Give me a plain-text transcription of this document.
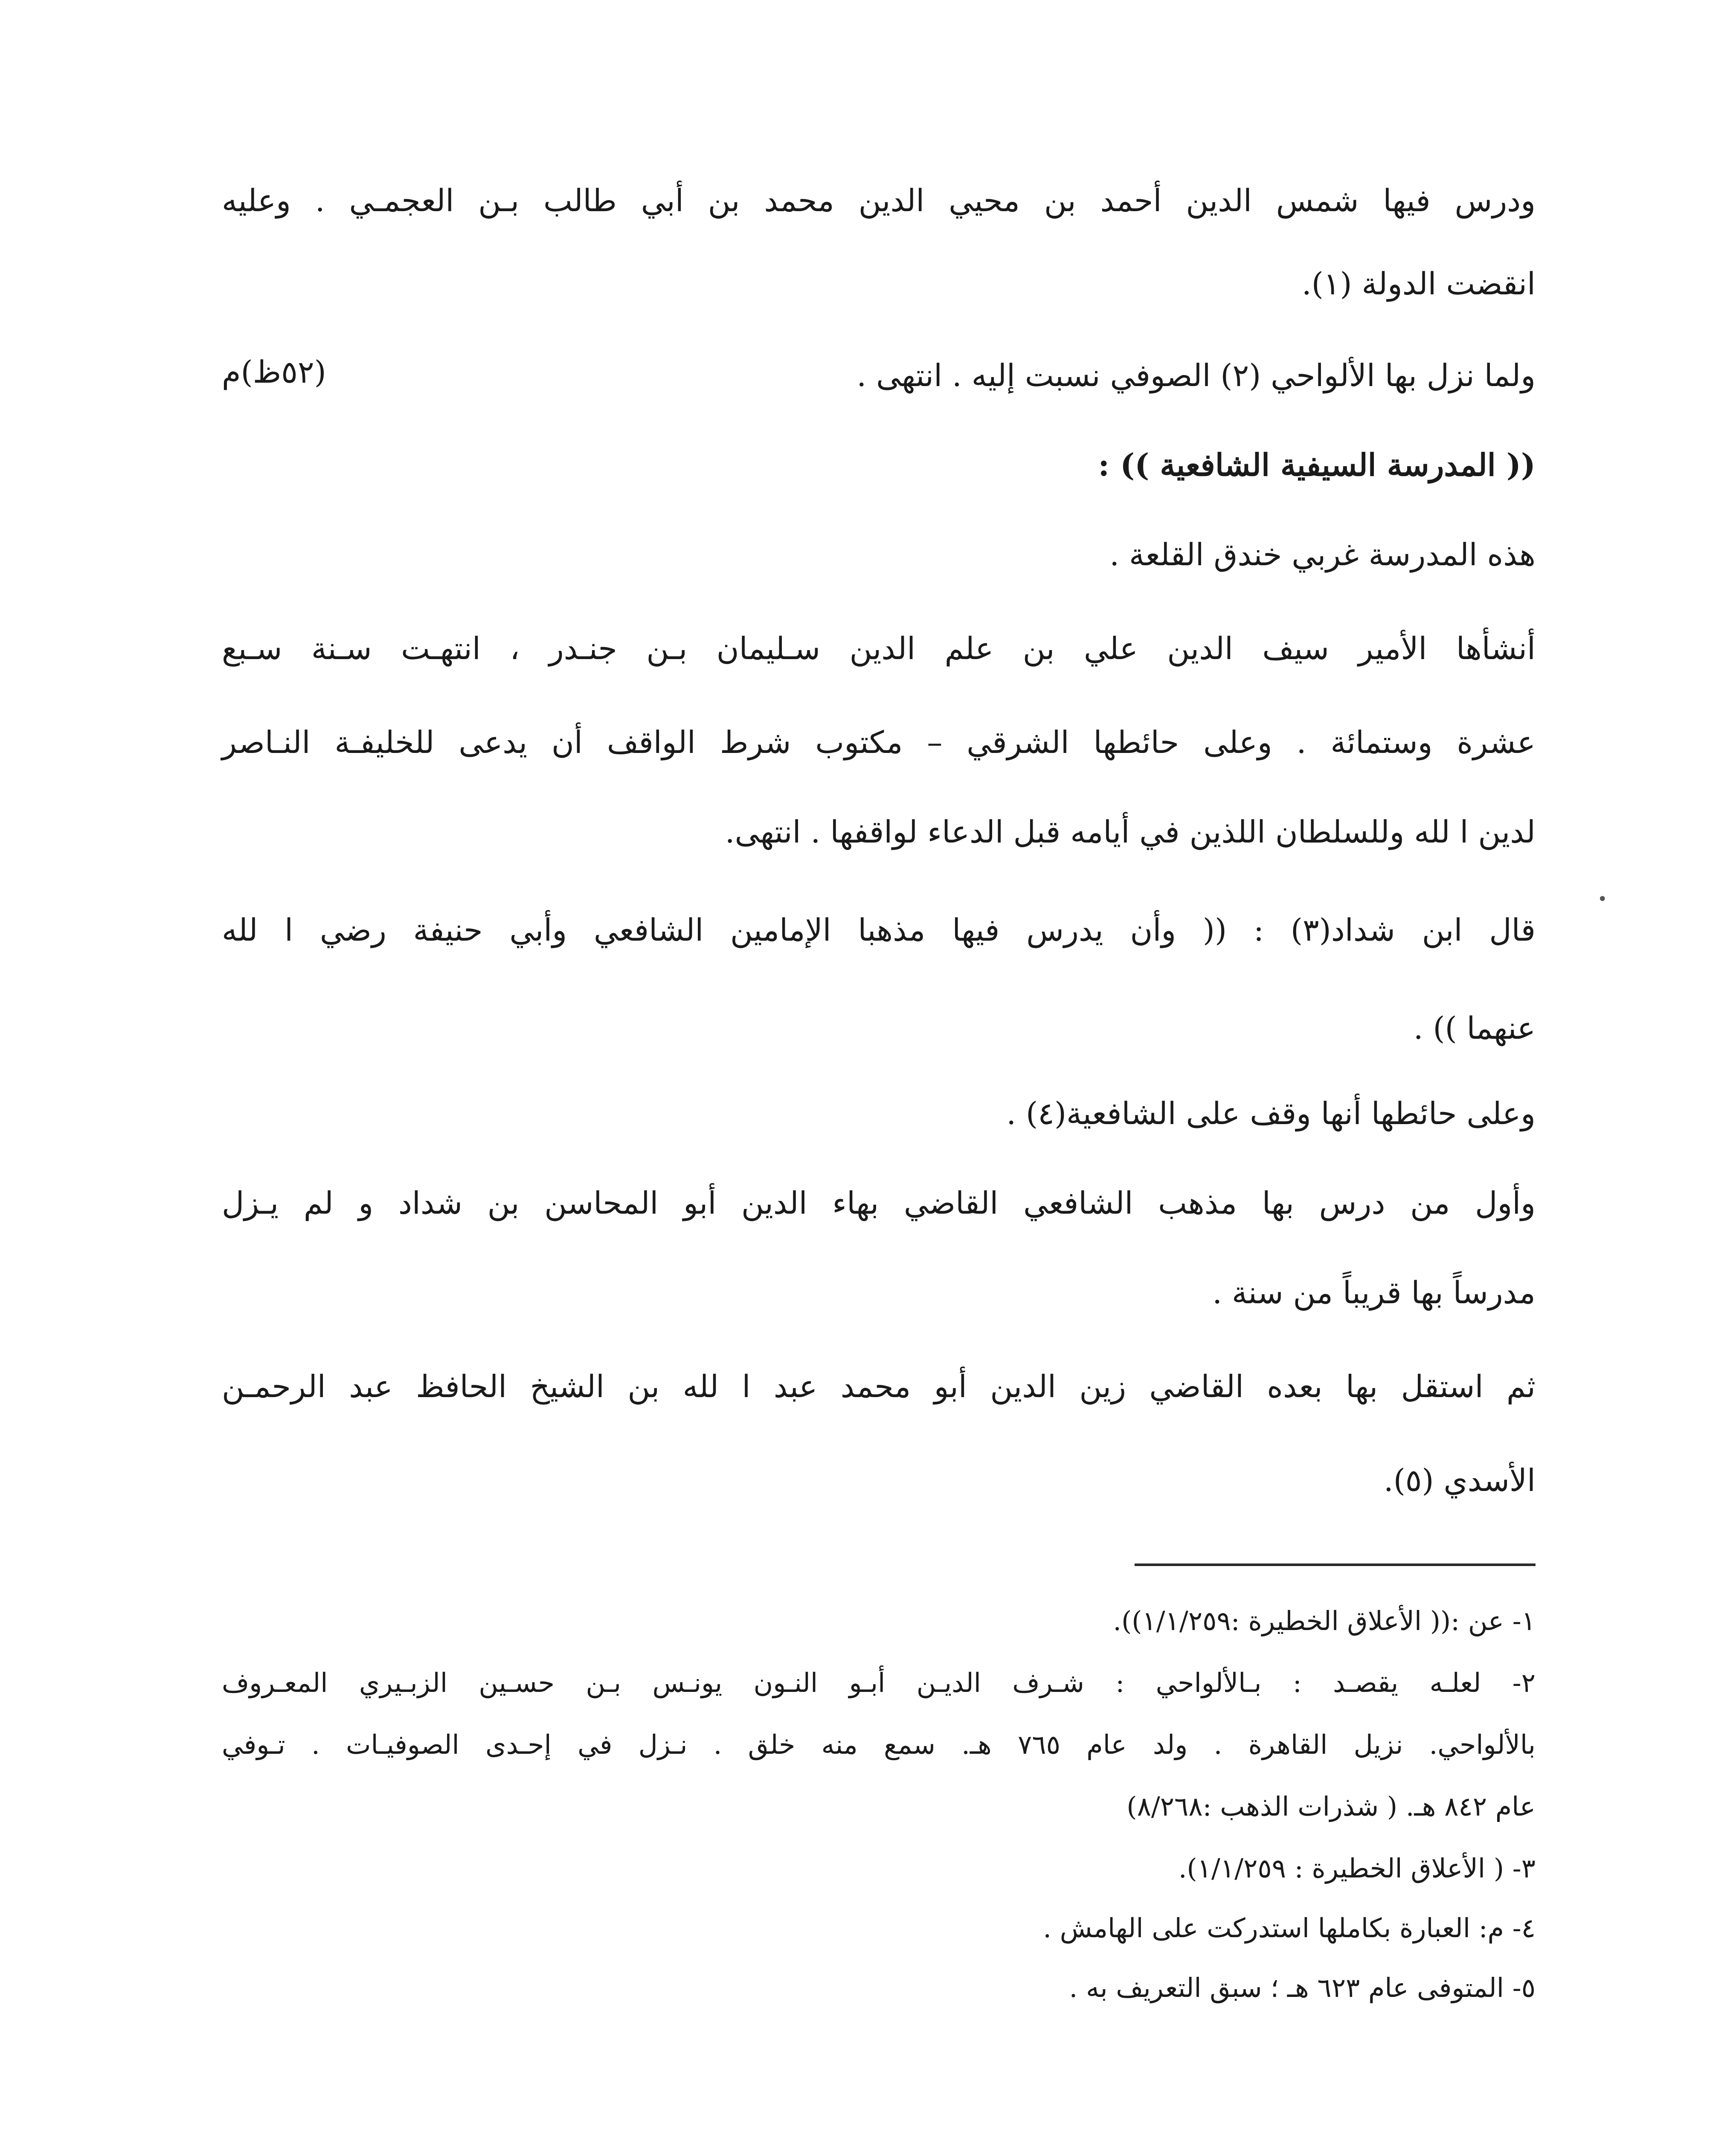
ودرس فيها شمس الدين أحمد بن محيي الدين محمد بن أبي طالب بـن العجمـي . وعليه
انقضت الدولة (١).
ولما نزل بها الألواحي (٢) الصوفي نسبت إليه . انتهى .
(( المدرسة السيفية الشافعية )) :
هذه المدرسة غربي خندق القلعة .
أنشأها الأمير سيف الدين علي بن علم الدين سـليمان بـن جنـدر ، انتهـت سـنة سـبع
عشرة وستمائة . وعلى حائطها الشرقي – مكتوب شرط الواقف أن يدعى للخليفـة النـاصر
لدين ا لله وللسلطان اللذين في أيامه قبل الدعاء لواقفها . انتهى.
قال ابن شداد(٣) : (( وأن يدرس فيها مذهبا الإمامين الشافعي وأبي حنيفة رضي ا لله
عنهما )) .
وعلى حائطها أنها وقف على الشافعية(٤) .
وأول من درس بها مذهب الشافعي القاضي بهاء الدين أبو المحاسن بن شداد و لم يـزل
مدرساً بها قريباً من سنة .
ثم استقل بها بعده القاضي زين الدين أبو محمد عبد ا لله بن الشيخ الحافظ عبد الرحمـن
الأسدي (٥).
(٥٢ظ)م
•
١- عن :(( الأعلاق الخطيرة :١/١/٢٥٩)).
٢- لعلـه يقصـد : بـالألواحي : شـرف الديـن أبـو النـون يونـس بـن حسـين الزبـيري المعـروف
بالألواحي. نزيل القاهرة . ولد عام ٧٦٥ هـ. سمع منه خلق . نـزل في إحـدى الصوفيـات . تـوفي
عام ٨٤٢ هـ. ( شذرات الذهب :٨/٢٦٨)
٣- ( الأعلاق الخطيرة : ١/١/٢٥٩).
٤- م: العبارة بكاملها استدركت على الهامش .
٥- المتوفى عام ٦٢٣ هـ ؛ سبق التعريف به .
